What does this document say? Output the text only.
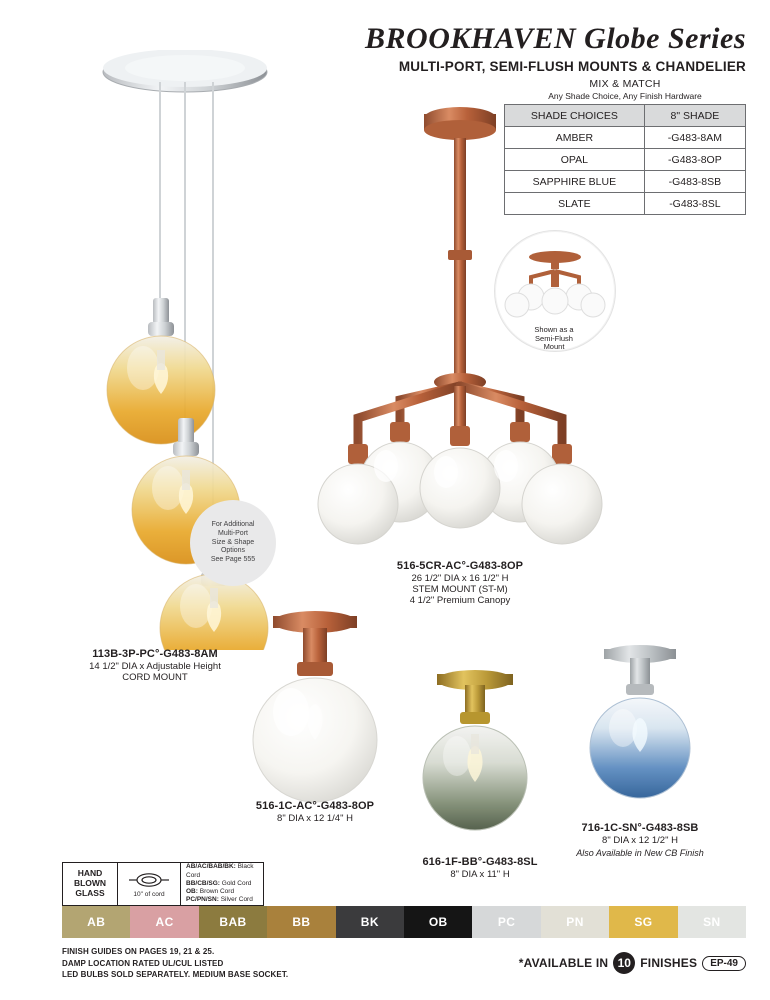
BROOKHAVEN Globe Series
MULTI-PORT, SEMI-FLUSH MOUNTS & CHANDELIER
MIX & MATCH
Any Shade Choice, Any Finish Hardware
SHADE CHOICES	8" SHADE
AMBER	-G483-8AM
OPAL	-G483-8OP
SAPPHIRE BLUE	-G483-8SB
SLATE	-G483-8SL
For Additional
Multi-Port
Size & Shape
Options
See Page 555
113B-3P-PC°-G483-8AM
14 1/2" DIA x Adjustable Height
CORD MOUNT
516-5CR-AC°-G483-8OP
26 1/2" DIA x 16 1/2" H
STEM MOUNT (ST-M)
4 1/2" Premium Canopy
Shown as a
Semi-Flush
Mount
516-1C-AC°-G483-8OP
8" DIA x 12 1/4" H
616-1F-BB°-G483-8SL
8" DIA x 11" H
716-1C-SN°-G483-8SB
8" DIA x 12 1/2" H
Also Available in New CB Finish
HAND
BLOWN
GLASS	10" of cord
AB/AC/BAB/BK: Black Cord
BB/CB/SG: Gold Cord
OB: Brown Cord
PC/PN/SN: Silver Cord
AB	AC	BAB	BB	BK	OB	PC	PN	SG	SN
FINISH GUIDES ON PAGES 19, 21 & 25.
DAMP LOCATION RATED UL/CUL LISTED
LED BULBS SOLD SEPARATELY. MEDIUM BASE SOCKET.
*AVAILABLE IN 10 FINISHES	EP-49
